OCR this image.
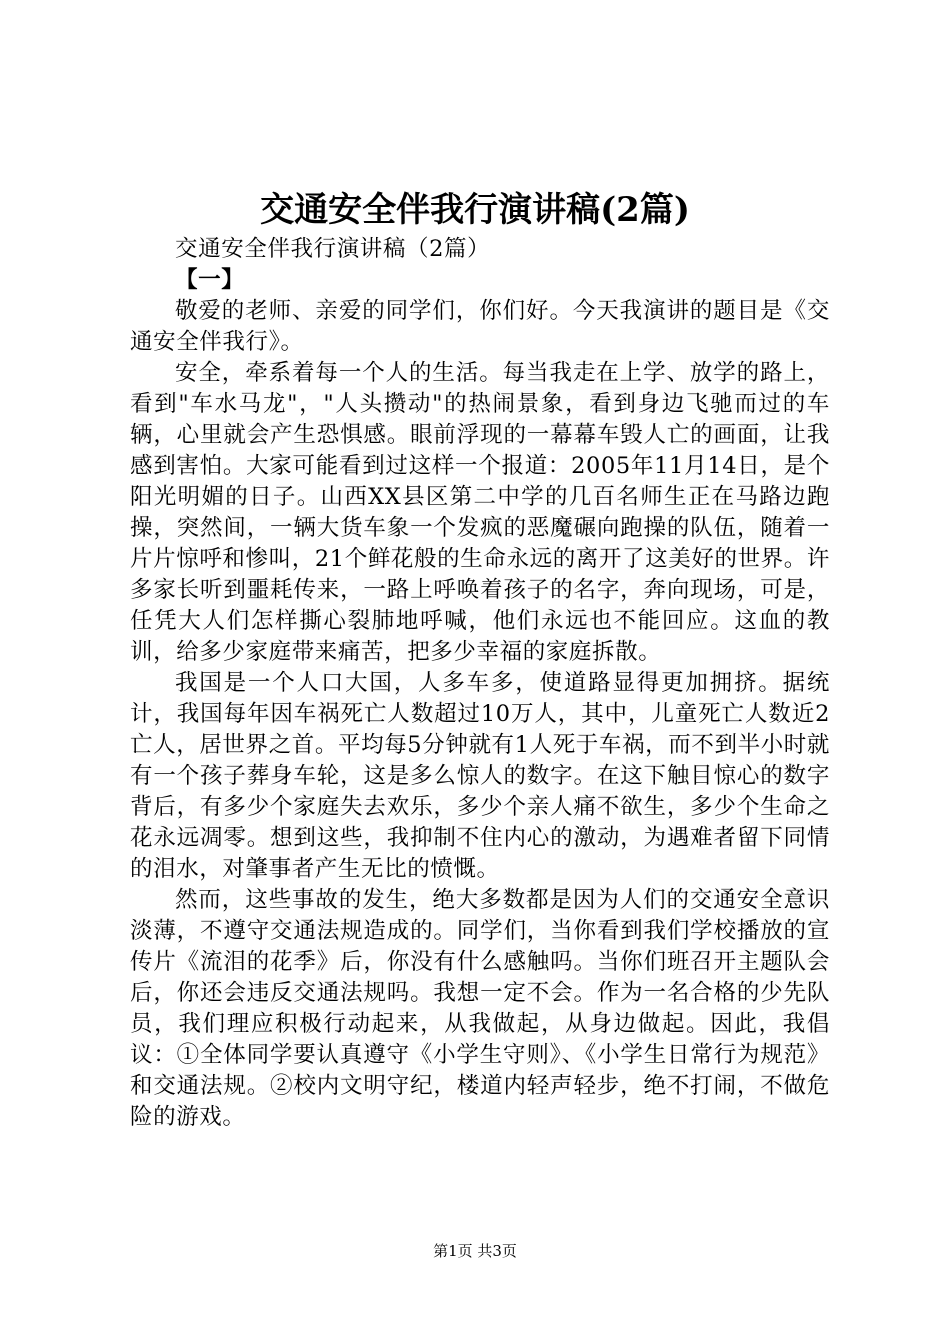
交通安全伴我行演讲稿(2篇)

交通安全伴我行演讲稿（2篇）

【一】

敬爱的老师、亲爱的同学们，你们好。今天我演讲的题目是《交通安全伴我行》。

安全，牵系着每一个人的生活。每当我走在上学、放学的路上，看到"车水马龙"，"人头攒动"的热闹景象，看到身边飞驰而过的车辆，心里就会产生恐惧感。眼前浮现的一幕幕车毁人亡的画面，让我感到害怕。大家可能看到过这样一个报道：2005年11月14日，是个阳光明媚的日子。山西XX县区第二中学的几百名师生正在马路边跑操，突然间，一辆大货车象一个发疯的恶魔碾向跑操的队伍，随着一片片惊呼和惨叫，21个鲜花般的生命永远的离开了这美好的世界。许多家长听到噩耗传来，一路上呼唤着孩子的名字，奔向现场，可是，任凭大人们怎样撕心裂肺地呼喊，他们永远也不能回应。这血的教训，给多少家庭带来痛苦，把多少幸福的家庭拆散。

我国是一个人口大国，人多车多，使道路显得更加拥挤。据统计，我国每年因车祸死亡人数超过10万人，其中，儿童死亡人数近2亡人，居世界之首。平均每5分钟就有1人死于车祸，而不到半小时就有一个孩子葬身车轮，这是多么惊人的数字。在这下触目惊心的数字背后，有多少个家庭失去欢乐，多少个亲人痛不欲生，多少个生命之花永远凋零。想到这些，我抑制不住内心的激动，为遇难者留下同情的泪水，对肇事者产生无比的愤慨。

然而，这些事故的发生，绝大多数都是因为人们的交通安全意识淡薄，不遵守交通法规造成的。同学们，当你看到我们学校播放的宣传片《流泪的花季》后，你没有什么感触吗。当你们班召开主题队会后，你还会违反交通法规吗。我想一定不会。作为一名合格的少先队员，我们理应积极行动起来，从我做起，从身边做起。因此，我倡议：①全体同学要认真遵守《小学生守则》、《小学生日常行为规范》和交通法规。②校内文明守纪，楼道内轻声轻步，绝不打闹，不做危险的游戏。

第1页 共3页
